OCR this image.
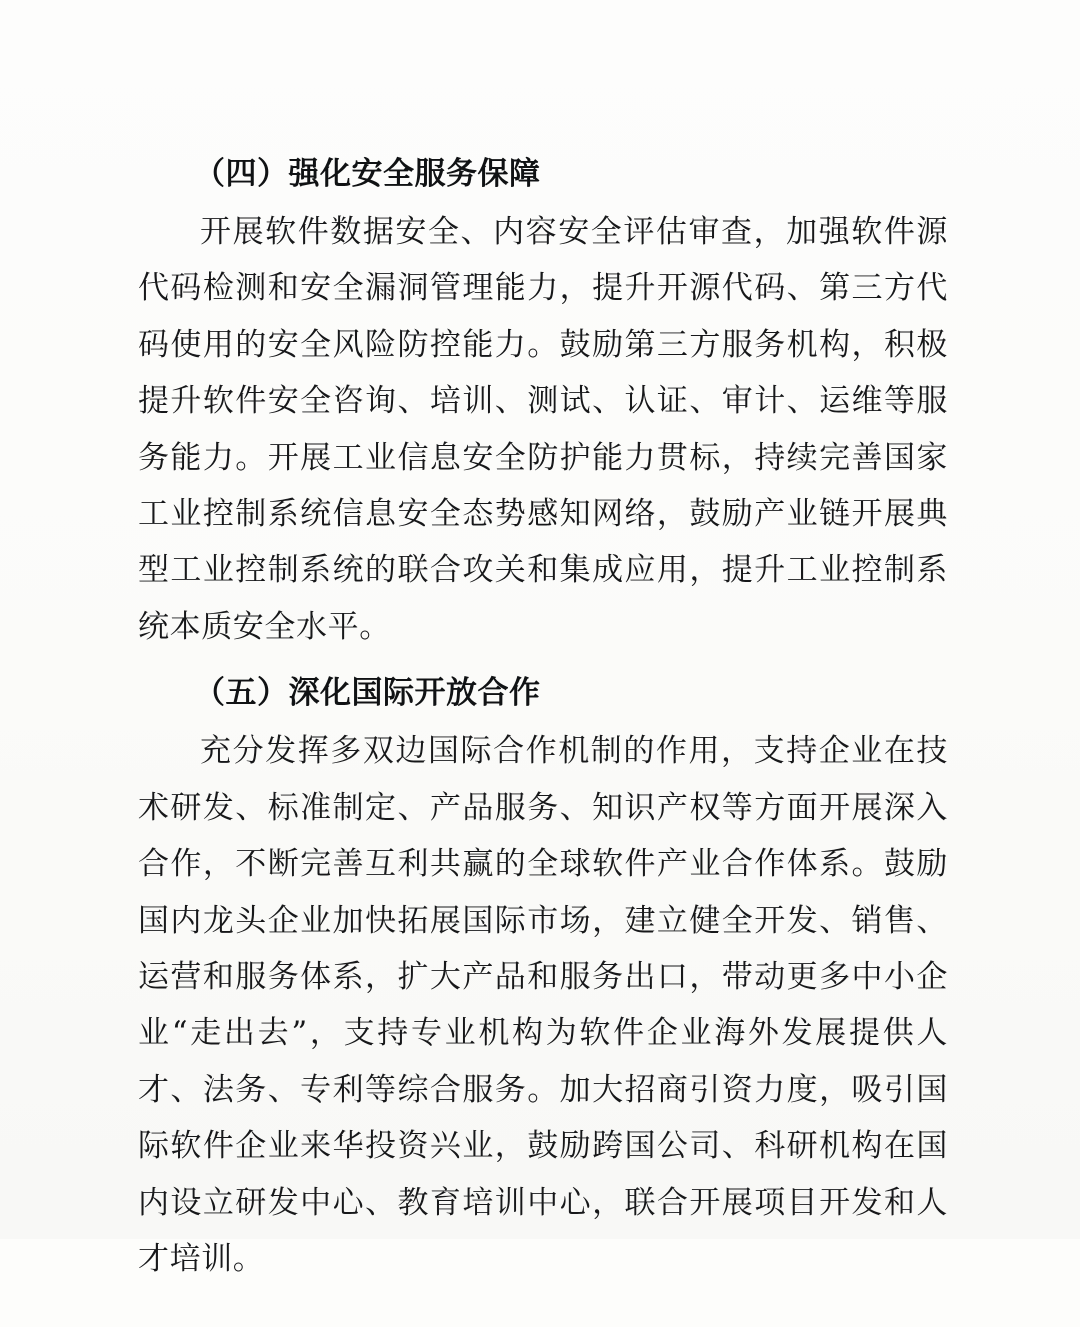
（四）强化安全服务保障

开展软件数据安全、内容安全评估审查，加强软件源代码检测和安全漏洞管理能力，提升开源代码、第三方代码使用的安全风险防控能力。鼓励第三方服务机构，积极提升软件安全咨询、培训、测试、认证、审计、运维等服务能力。开展工业信息安全防护能力贯标，持续完善国家工业控制系统信息安全态势感知网络，鼓励产业链开展典型工业控制系统的联合攻关和集成应用，提升工业控制系统本质安全水平。

（五）深化国际开放合作

充分发挥多双边国际合作机制的作用，支持企业在技术研发、标准制定、产品服务、知识产权等方面开展深入合作，不断完善互利共赢的全球软件产业合作体系。鼓励国内龙头企业加快拓展国际市场，建立健全开发、销售、运营和服务体系，扩大产品和服务出口，带动更多中小企业“走出去”，支持专业机构为软件企业海外发展提供人才、法务、专利等综合服务。加大招商引资力度，吸引国际软件企业来华投资兴业，鼓励跨国公司、科研机构在国内设立研发中心、教育培训中心，联合开展项目开发和人才培训。
